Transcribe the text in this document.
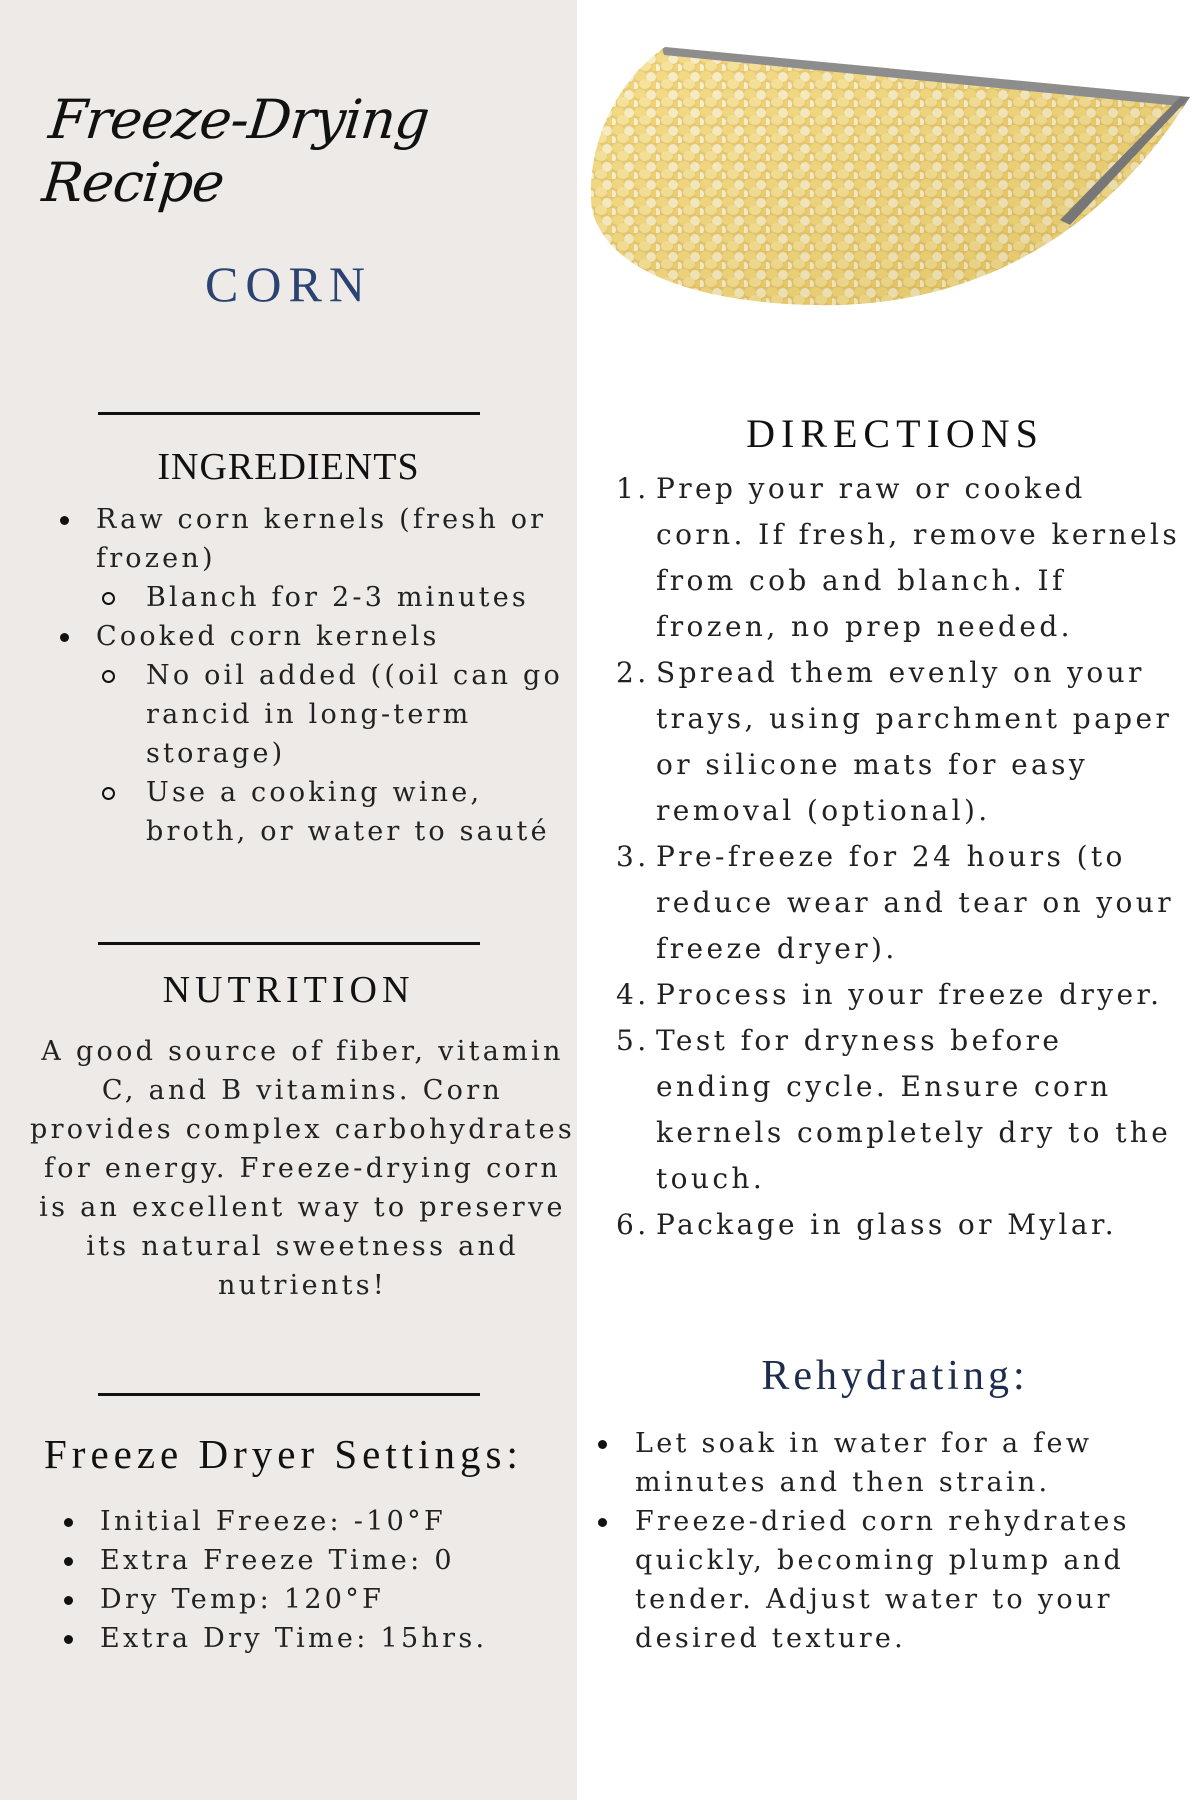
Freeze-Drying Recipe
CORN
INGREDIENTS
Raw corn kernels (fresh or frozen)
Blanch for 2-3 minutes
Cooked corn kernels
No oil added ((oil can go rancid in long-term storage)
Use a cooking wine, broth, or water to sauté
NUTRITION
A good source of fiber, vitamin C, and B vitamins. Corn provides complex carbohydrates for energy. Freeze-drying corn is an excellent way to preserve its natural sweetness and nutrients!
Freeze Dryer Settings:
Initial Freeze: -10°F
Extra Freeze Time: 0
Dry Temp: 120°F
Extra Dry Time: 15hrs.
DIRECTIONS
1. Prep your raw or cooked corn. If fresh, remove kernels from cob and blanch. If frozen, no prep needed.
2. Spread them evenly on your trays, using parchment paper or silicone mats for easy removal (optional).
3. Pre-freeze for 24 hours (to reduce wear and tear on your freeze dryer).
4. Process in your freeze dryer.
5. Test for dryness before ending cycle. Ensure corn kernels completely dry to the touch.
6. Package in glass or Mylar.
Rehydrating:
Let soak in water for a few minutes and then strain.
Freeze-dried corn rehydrates quickly, becoming plump and tender. Adjust water to your desired texture.
